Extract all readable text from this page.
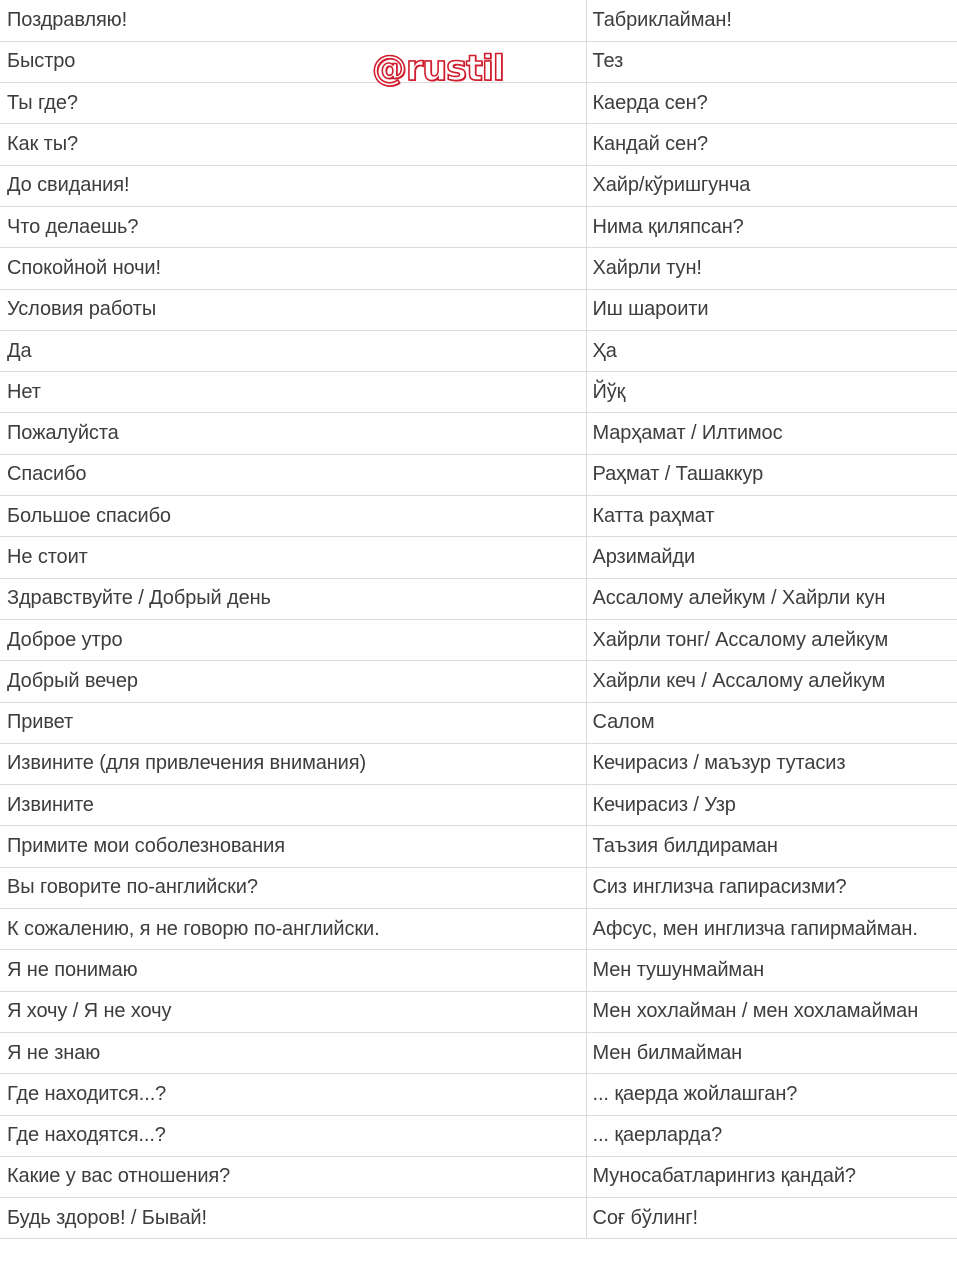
Поздравляю!	Табриклайман!
Быстро	Тез
Ты где?	Каерда сен?
Как ты?	Кандай сен?
До свидания!	Хайр/кўришгунча
Что делаешь?	Нима қиляпсан?
Спокойной ночи!	Хайрли тун!
Условия работы	Иш шароити
Да	Ҳа
Нет	Йўқ
Пожалуйста	Марҳамат / Илтимос
Спасибо	Раҳмат / Ташаккур
Большое спасибо	Катта раҳмат
Не стоит	Арзимайди
Здравствуйте / Добрый день	Ассалому алейкум / Хайрли кун
Доброе утро	Хайрли тонг/ Ассалому алейкум
Добрый вечер	Хайрли кеч / Ассалому алейкум
Привет	Салом
Извините (для привлечения внимания)	Кечирасиз / маъзур тутасиз
Извините	Кечирасиз / Узр
Примите мои соболезнования	Таъзия билдираман
Вы говорите по-английски?	Сиз инглизча гапирасизми?
К сожалению, я не говорю по-английски.	Афсус, мен инглизча гапирмайман.
Я не понимаю	Мен тушунмайман
Я хочу / Я не хочу	Мен хохлайман / мен хохламайман
Я не знаю	Мен билмайман
Где находится...?	... қаерда жойлашган?
Где находятся...?	... қаерларда?
Какие у вас отношения?	Муносабатларингиз қандай?
Будь здоров! / Бывай!	Соғ бўлинг!
@rustil
